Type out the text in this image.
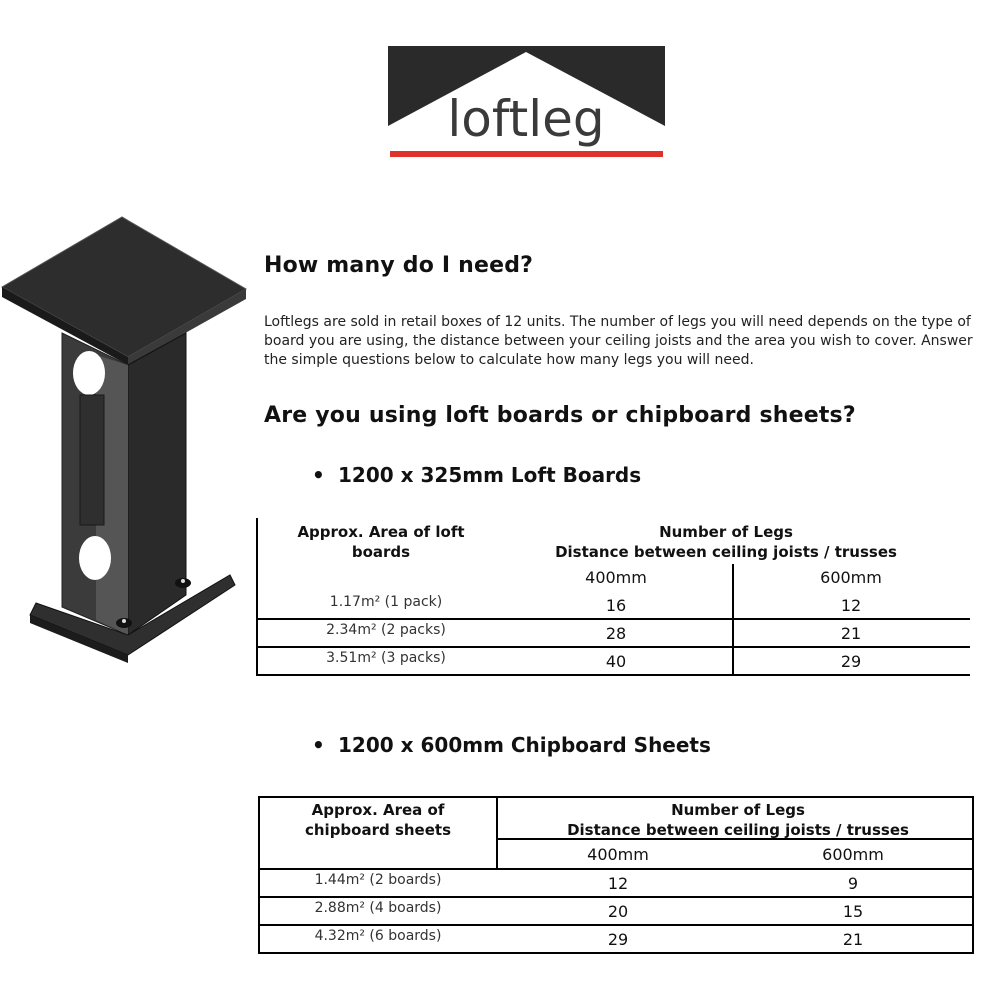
loftleg
How many do I need?
Loftlegs are sold in retail boxes of 12 units. The number of legs you will need depends on the type of board you are using, the distance between your ceiling joists and the area you wish to cover. Answer the simple questions below to calculate how many legs you will need.
Are you using loft boards or chipboard sheets?
• 1200 x 325mm Loft Boards
Approx. Area of loft boards
Number of Legs
Distance between ceiling joists / trusses
400mm	600mm
1.17m² (1 pack)	16	12
2.34m² (2 packs)	28	21
3.51m² (3 packs)	40	29
• 1200 x 600mm Chipboard Sheets
Approx. Area of chipboard sheets
Number of Legs
Distance between ceiling joists / trusses
400mm	600mm
1.44m² (2 boards)	12	9
2.88m² (4 boards)	20	15
4.32m² (6 boards)	29	21
